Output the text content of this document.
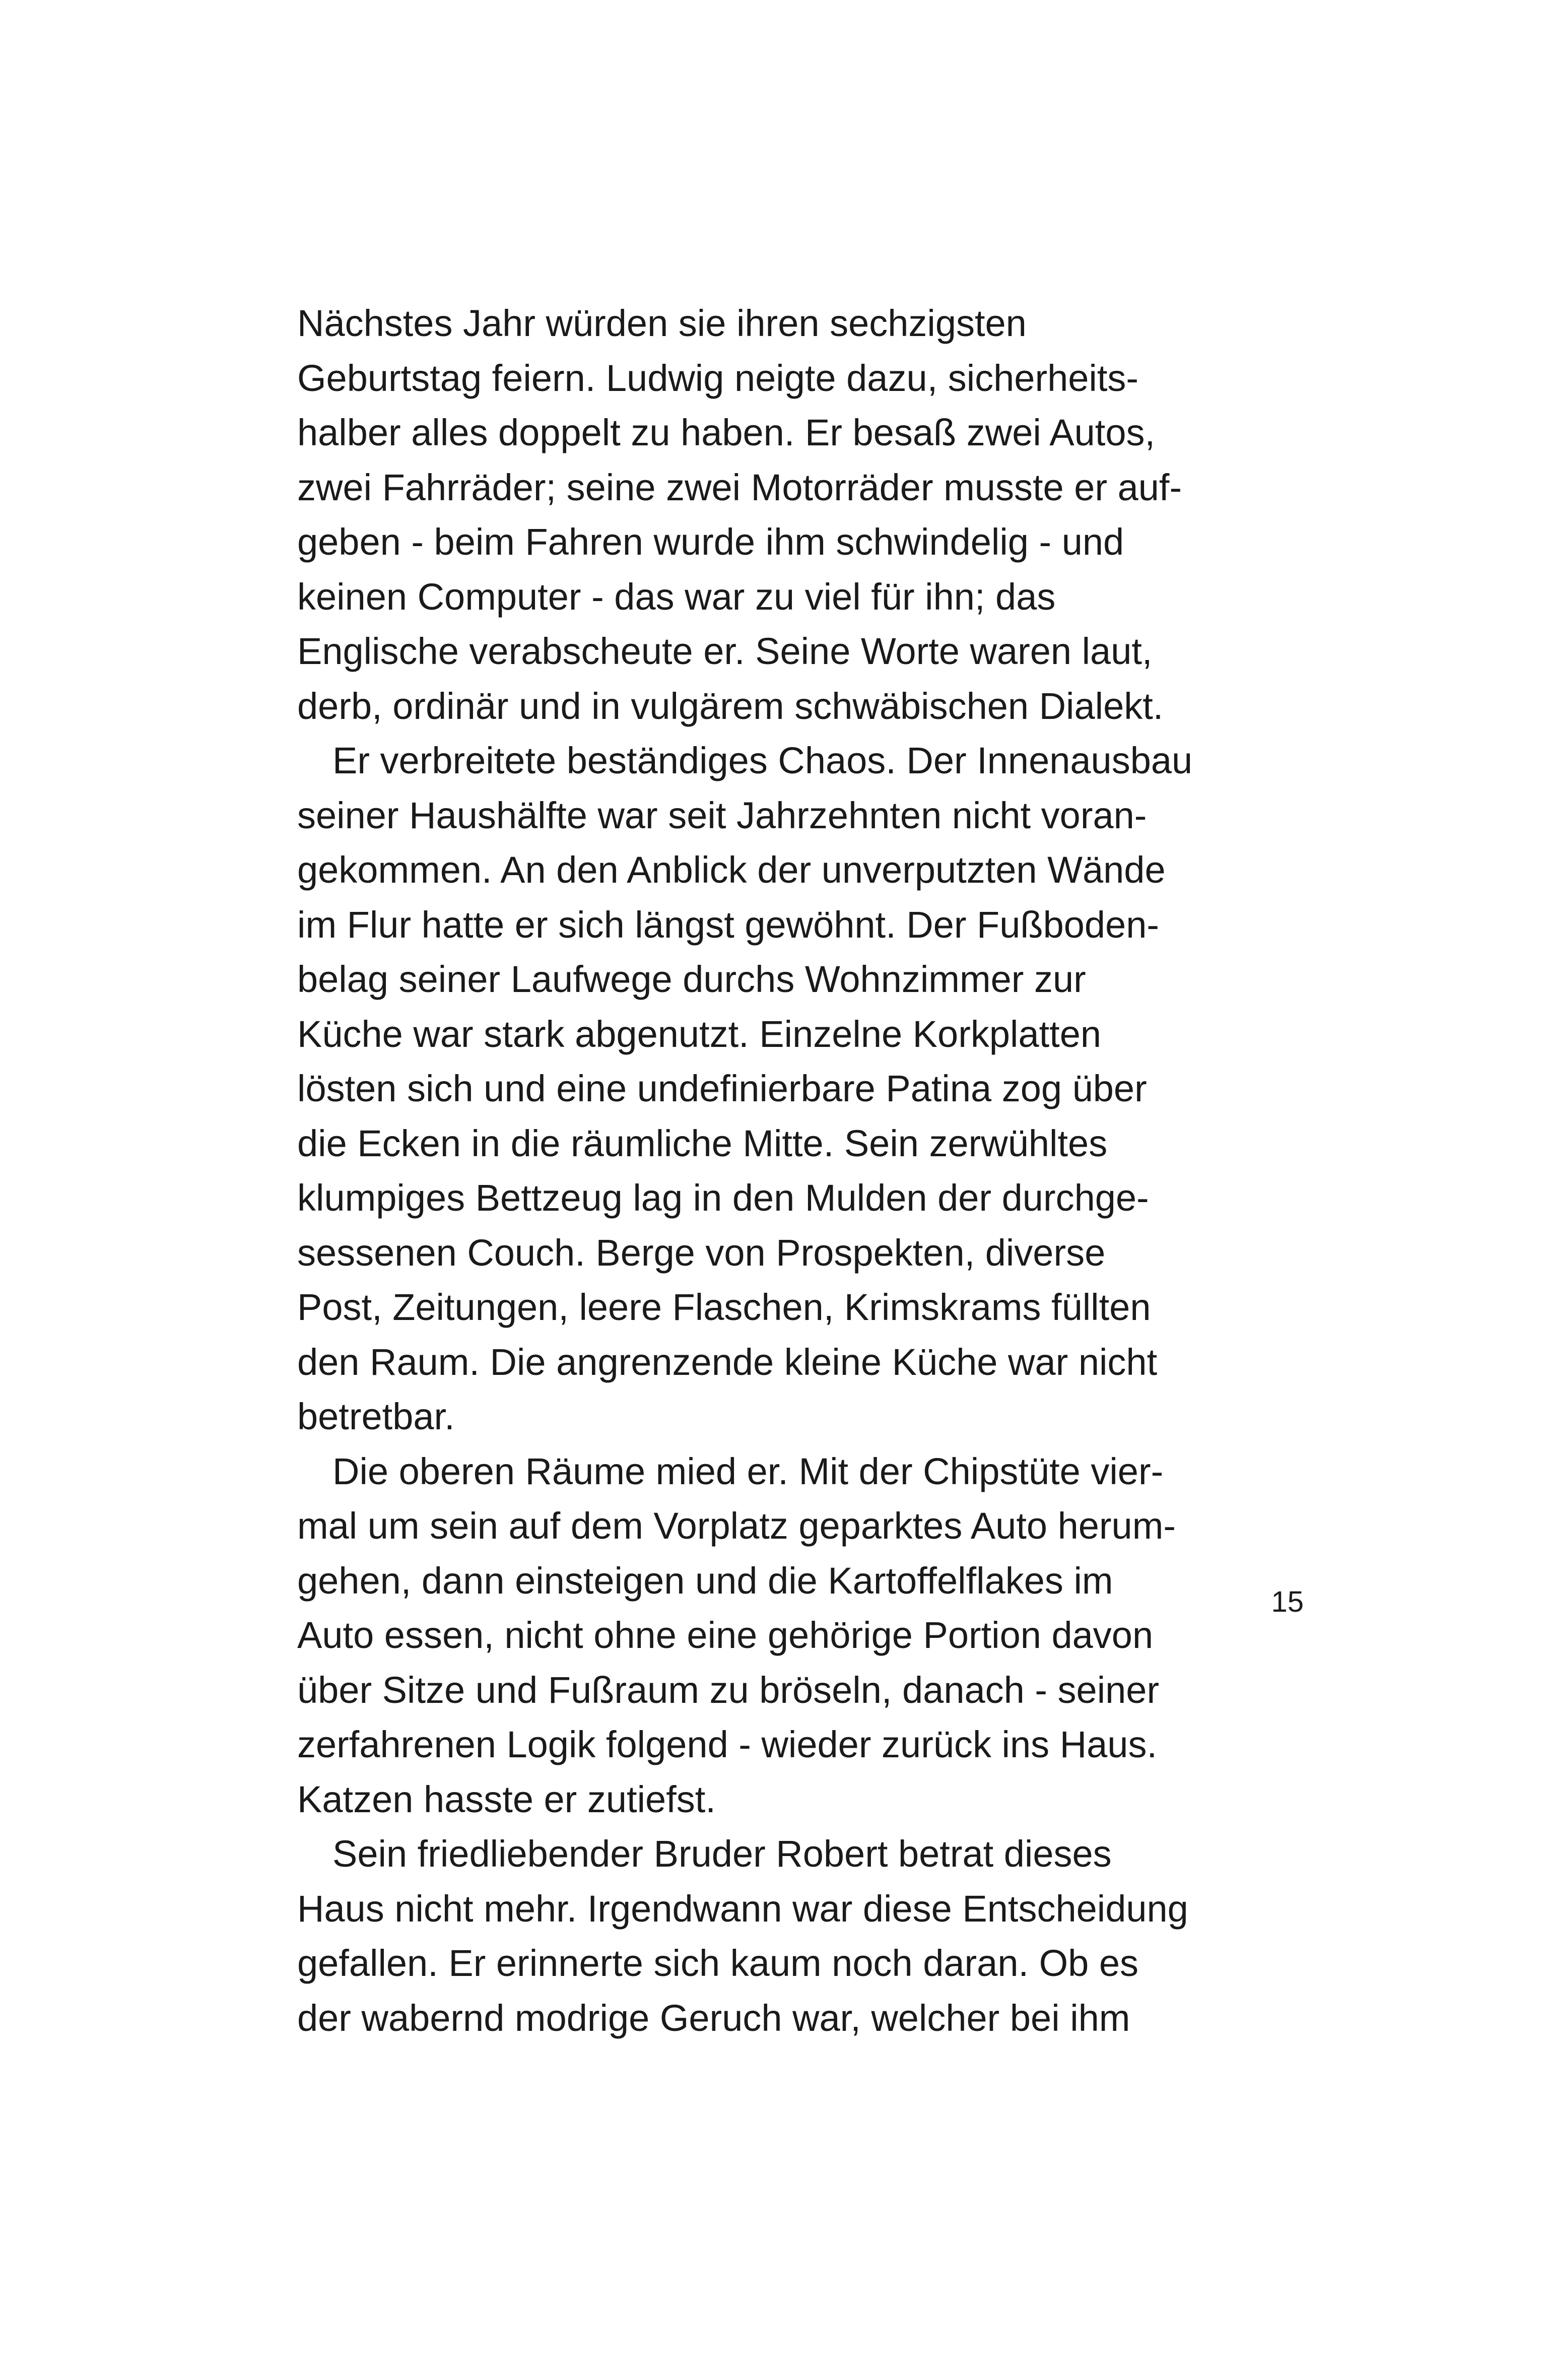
Nächstes Jahr würden sie ihren sechzigsten
Geburtstag feiern. Ludwig neigte dazu, sicherheits-
halber alles doppelt zu haben. Er besaß zwei Autos,
zwei Fahrräder; seine zwei Motorräder musste er auf-
geben - beim Fahren wurde ihm schwindelig - und
keinen Computer - das war zu viel für ihn; das
Englische verabscheute er. Seine Worte waren laut,
derb, ordinär und in vulgärem schwäbischen Dialekt.
Er verbreitete beständiges Chaos. Der Innenausbau
seiner Haushälfte war seit Jahrzehnten nicht voran-
gekommen. An den Anblick der unverputzten Wände
im Flur hatte er sich längst gewöhnt. Der Fußboden-
belag seiner Laufwege durchs Wohnzimmer zur
Küche war stark abgenutzt. Einzelne Korkplatten
lösten sich und eine undefinierbare Patina zog über
die Ecken in die räumliche Mitte. Sein zerwühltes
klumpiges Bettzeug lag in den Mulden der durchge-
sessenen Couch. Berge von Prospekten, diverse
Post, Zeitungen, leere Flaschen, Krimskrams füllten
den Raum. Die angrenzende kleine Küche war nicht
betretbar.
Die oberen Räume mied er. Mit der Chipstüte vier-
mal um sein auf dem Vorplatz geparktes Auto herum-
gehen, dann einsteigen und die Kartoffelflakes im
Auto essen, nicht ohne eine gehörige Portion davon
über Sitze und Fußraum zu bröseln, danach - seiner
zerfahrenen Logik folgend - wieder zurück ins Haus.
Katzen hasste er zutiefst.
Sein friedliebender Bruder Robert betrat dieses
Haus nicht mehr. Irgendwann war diese Entscheidung
gefallen. Er erinnerte sich kaum noch daran. Ob es
der wabernd modrige Geruch war, welcher bei ihm
15
